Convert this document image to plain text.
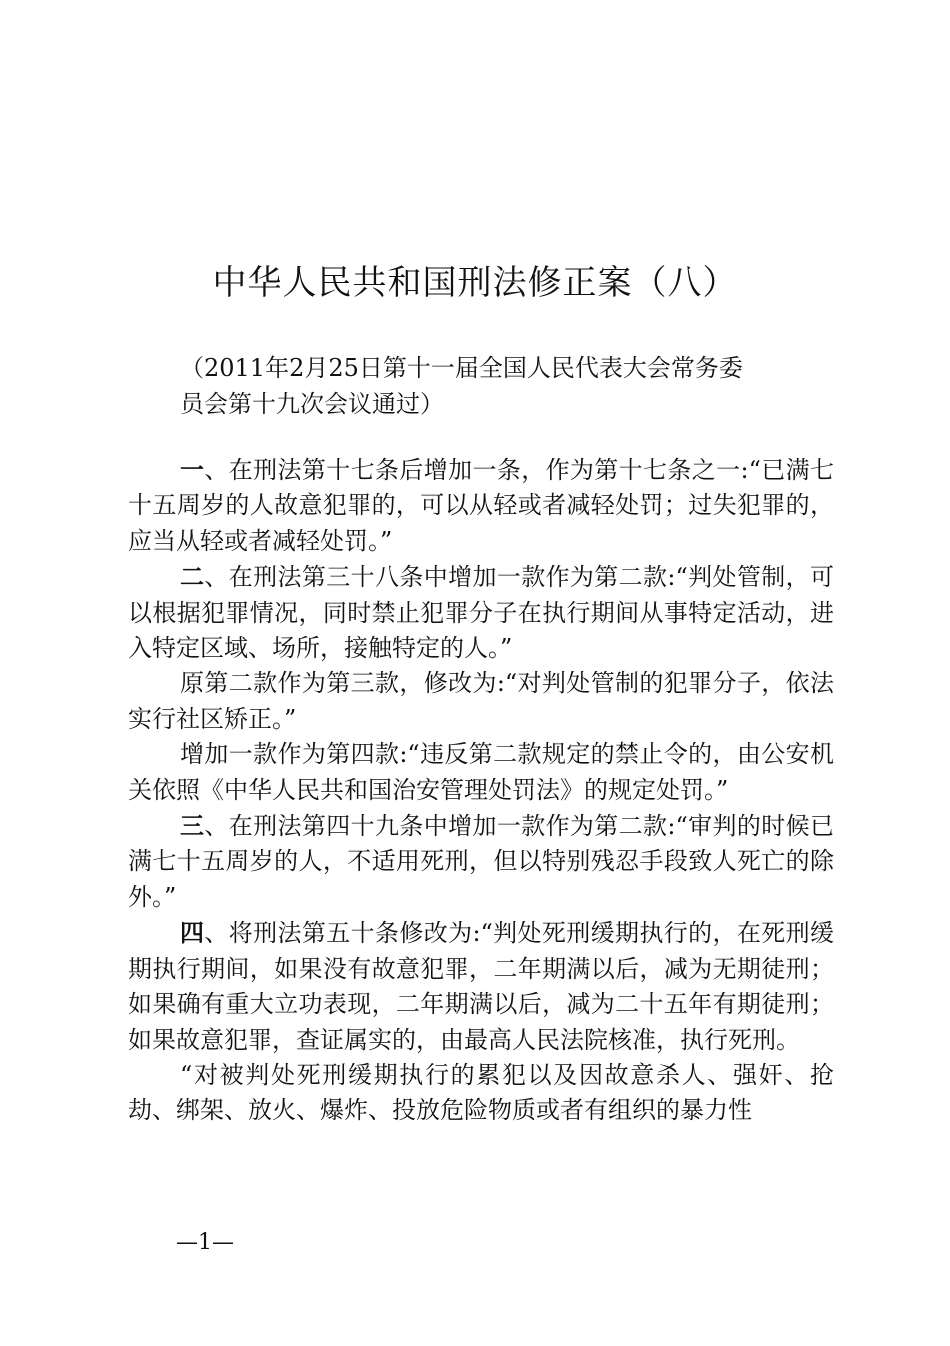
中华人民共和国刑法修正案（八）
（2011年2月25日第十一届全国人民代表大会常务委
员会第十九次会议通过）

一、在刑法第十七条后增加一条，作为第十七条之一:“已满七十五周岁的人故意犯罪的，可以从轻或者减轻处罚；过失犯罪的，应当从轻或者减轻处罚。”

二、在刑法第三十八条中增加一款作为第二款:“判处管制，可以根据犯罪情况，同时禁止犯罪分子在执行期间从事特定活动，进入特定区域、场所，接触特定的人。”

原第二款作为第三款，修改为:“对判处管制的犯罪分子，依法实行社区矫正。”

增加一款作为第四款:“违反第二款规定的禁止令的，由公安机关依照《中华人民共和国治安管理处罚法》的规定处罚。”

三、在刑法第四十九条中增加一款作为第二款:“审判的时候已满七十五周岁的人，不适用死刑，但以特别残忍手段致人死亡的除外。”

四、将刑法第五十条修改为:“判处死刑缓期执行的，在死刑缓期执行期间，如果没有故意犯罪，二年期满以后，减为无期徒刑；如果确有重大立功表现，二年期满以后，减为二十五年有期徒刑；如果故意犯罪，查证属实的，由最高人民法院核准，执行死刑。

“对被判处死刑缓期执行的累犯以及因故意杀人、强奸、抢劫、绑架、放火、爆炸、投放危险物质或者有组织的暴力性

—1—
